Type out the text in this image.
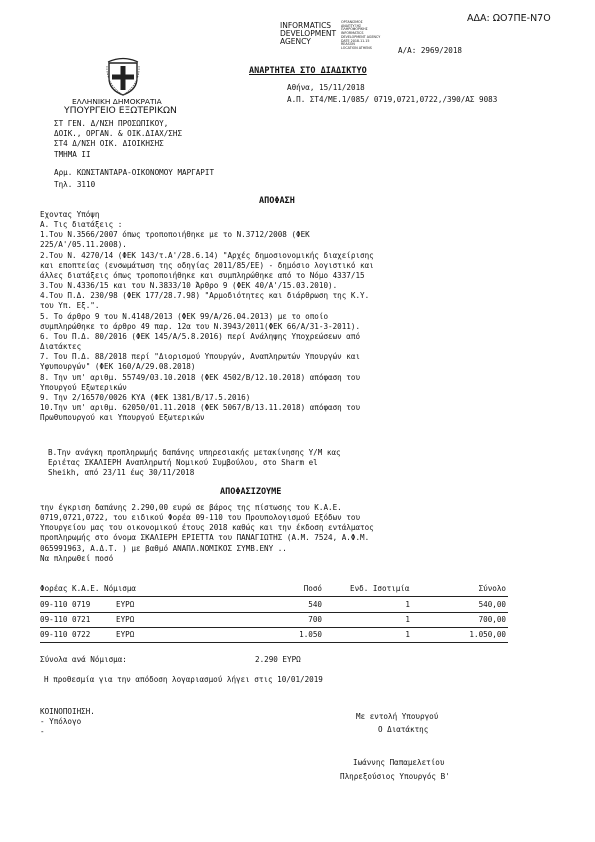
ΑΔΑ: ΩΟ7ΠΕ-Ν7Ο
INFORMATICS
DEVELOPMENT
AGENCY
ΟΡΓΑΝΙΣΜΟΣ
ΑΝΑΠΤΥΞΗΣ
ΠΛΗΡΟΦΟΡΙΚΗΣ
INFORMATICS
DEVELOPMENT AGENCY
DATE 2018.11.15
REASON
LOCATION ATHENS	Α/Α: 2969/2018
ΑΝΑΡΤΗΤΕΑ ΣΤΟ ΔΙΑΔΙΚΤΥΟ
Αθήνα, 15/11/2018
Α.Π. ΣΤ4/ΜΕ.1/085/ 0719,0721,0722,/390/ΑΣ 9083
ΕΛΛΗΝΙΚΗ ΔΗΜΟΚΡΑΤΙΑ
ΥΠΟΥΡΓΕΙΟ ΕΞΩΤΕΡΙΚΩΝ
ΣΤ ΓΕΝ. Δ/ΝΣΗ ΠΡΟΣΩΠΙΚΟΥ,
ΔΟΙΚ., ΟΡΓΑΝ. & ΟΙΚ.ΔΙΑΧ/ΣΗΣ
ΣΤ4 Δ/ΝΣΗ ΟΙΚ. ΔΙΟΙΚΗΣΗΣ
ΤΜΗΜΑ ΙΙ
Αρμ. ΚΩΝΣΤΑΝΤΑΡΑ-ΟΙΚΟΝΟΜΟΥ ΜΑΡΓΑΡΙΤ
Τηλ. 3110
ΑΠΟΦΑΣΗ
Εχοντας Υπόψη
Α. Τις διατάξεις :
1.Του Ν.3566/2007 όπως τροποποιήθηκε με το Ν.3712/2008 (ΦΕΚ
225/Α'/05.11.2008).
2.Του Ν. 4270/14 (ΦΕΚ 143/τ.Α'/28.6.14) "Αρχές δημοσιονομικής διαχείρισης
και εποπτείας (ενσωμάτωση της οδηγίας 2011/85/ΕΕ) - δημόσιο λογιστικό και
άλλες διατάξεις όπως τροποποιήθηκε και συμπληρώθηκε από το Νόμο 4337/15
3.Του Ν.4336/15 και του Ν.3833/10 Άρθρο 9 (ΦΕΚ 40/Α'/15.03.2010).
4.Του Π.Δ. 230/98 (ΦΕΚ 177/28.7.98) "Αρμοδιότητες και διάρθρωση της Κ.Υ.
του Υπ. Εξ.".
5. Το άρθρο 9 του Ν.4148/2013 (ΦΕΚ 99/Α/26.04.2013) με το οποίο
συμπληρώθηκε το άρθρο 49 παρ. 12α του Ν.3943/2011(ΦΕΚ 66/Α/31-3-2011).
6. Του Π.Δ. 80/2016 (ΦΕΚ 145/Α/5.8.2016) περί Ανάληψης Υποχρεώσεων από
Διατάκτες
7. Του Π.Δ. 88/2018 περί "Διορισμού Υπουργών, Αναπληρωτών Υπουργών και
Υφυπουργών" (ΦΕΚ 160/Α/29.08.2018)
8. Την υπ' αριθμ. 55749/03.10.2018 (ΦΕΚ 4502/Β/12.10.2018) απόφαση του
Υπουργού Εξωτερικών
9. Την 2/16570/0026 ΚΥΑ (ΦΕΚ 1381/Β/17.5.2016)
10.Την υπ' αριθμ. 62050/01.11.2018 (ΦΕΚ 5067/Β/13.11.2018) απόφαση του
Πρωθυπουργού και Υπουργού Εξωτερικών
Β.Την ανάγκη προπληρωμής δαπάνης υπηρεσιακής μετακίνησης Υ/Μ κας
Εριέτας ΣΚΑΛΙΕΡΗ Αναπληρωτή Νομικού Συμβούλου, στο Sharm el
Sheikh, από 23/11 έως 30/11/2018
ΑΠΟΦΑΣΙΖΟΥΜΕ
την έγκριση δαπάνης 2.290,00 ευρώ σε βάρος της πίστωσης του Κ.Α.Ε.
0719,0721,0722, του ειδικού Φορέα 09-110 του Προυπολογισμού Εξόδων του
Υπουργείου μας του οικονομικού έτους 2018 καθώς και την έκδοση εντάλματος
προπληρωμής στο όνομα ΣΚΑΛΙΕΡΗ ΕΡΙΕΤΤΑ του ΠΑΝΑΓΙΩΤΗΣ (Α.Μ. 7524, Α.Φ.Μ.
065991963, Α.Δ.Τ. ) με βαθμό ΑΝΑΠΛ.ΝΟΜΙΚΟΣ ΣΥΜΒ.ΕΝΥ ..
Να πληρωθεί ποσό
Φορέας Κ.Α.Ε. Νόμισμα	Ποσό	Ενδ. Ισοτιμία	Σύνολο
09-110 0719	ΕΥΡΩ	540	1	540,00
09-110 0721	ΕΥΡΩ	700	1	700,00
09-110 0722	ΕΥΡΩ	1.050	1	1.050,00
Σύνολα ανά Νόμισμα:	2.290 ΕΥΡΩ
Η προθεσμία για την απόδοση λογαριασμού λήγει στις 10/01/2019
ΚΟΙΝΟΠΟΙΗΣΗ.
- Υπόλογο
-
Με εντολή Υπουργού
Ο Διατάκτης
Ιωάννης Παπαμελετίου
Πληρεξούσιος Υπουργός Β'
